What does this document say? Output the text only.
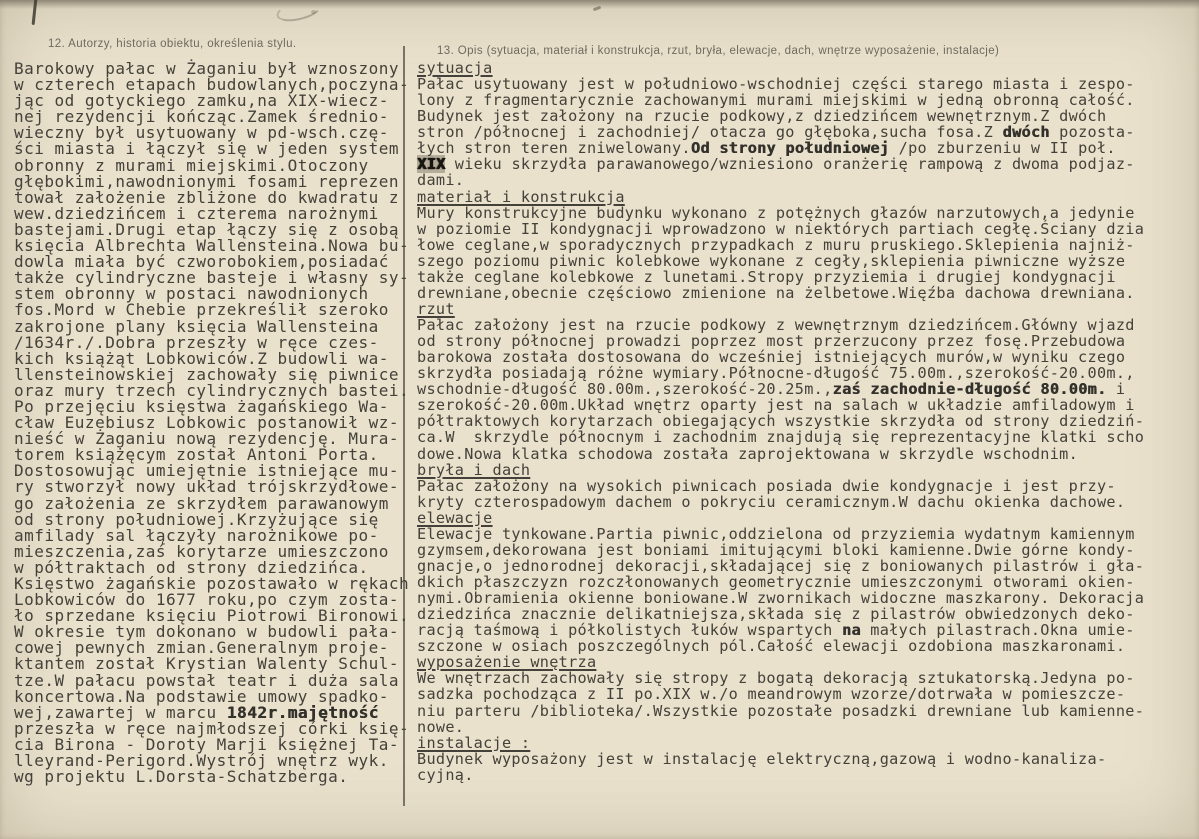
12. Autorzy, historia obiektu, określenia stylu.
13. Opis (sytuacja, materiał i konstrukcja, rzut, bryła, elewacje, dach, wnętrze wyposażenie, instalacje)
Barokowy pałac w Żaganiu był wznoszony
w czterech etapach budowlanych,poczyna-
jąc od gotyckiego zamku,na XIX-wiecz-
nej rezydencji kończąc.Zamek średnio-
wieczny był usytuowany w pd-wsch.czę-
ści miasta i łączył się w jeden system
obronny z murami miejskimi.Otoczony
głębokimi,nawodnionymi fosami reprezen
tował założenie zbliżone do kwadratu z
wew.dziedzińcem i czterema narożnymi
bastejami.Drugi etap łączy się z osobą
księcia Albrechta Wallensteina.Nowa bu-
dowla miała być czworobokiem,posiadać
także cylindryczne basteje i własny sy-
stem obronny w postaci nawodnionych
fos.Mord w Chebie przekreślił szeroko
zakrojone plany księcia Wallensteina
/1634r./.Dobra przeszły w ręce czes-
kich książąt Lobkowiców.Z budowli wa-
llensteinowskiej zachowały się piwnice
oraz mury trzech cylindrycznych bastei.
Po przejęciu księstwa żagańskiego Wa-
cław Euzebiusz Lobkowic postanowił wz-
nieść w Żaganiu nową rezydencję. Mura-
torem książęcym został Antoni Porta.
Dostosowując umiejętnie istniejące mu-
ry stworzył nowy układ trójskrzydłowe-
go założenia ze skrzydłem parawanowym
od strony południowej.Krzyżujące się
amfilady sal łączyły narożnikowe po-
mieszczenia,zaś korytarze umieszczono
w półtraktach od strony dziedzińca.
Księstwo żagańskie pozostawało w rękach
Lobkowiców do 1677 roku,po czym zosta-
ło sprzedane księciu Piotrowi Bironowi.
W okresie tym dokonano w budowli pała-
cowej pewnych zmian.Generalnym proje-
ktantem został Krystian Walenty Schul-
tze.W pałacu powstał teatr i duża sala
koncertowa.Na podstawie umowy spadko-
wej,zawartej w marcu 1842r.majętność
przeszła w ręce najmłodszej córki księ-
cia Birona - Doroty Marji księżnej Ta-
lleyrand-Perigord.Wystrój wnętrz wyk.
wg projektu L.Dorsta-Schatzberga.
sytuacja
Pałac usytuowany jest w południowo-wschodniej części starego miasta i zespo-
lony z fragmentarycznie zachowanymi murami miejskimi w jedną obronną całość.
Budynek jest założony na rzucie podkowy,z dziedzińcem wewnętrznym.Z dwóch
stron /północnej i zachodniej/ otacza go głęboka,sucha fosa.Z dwóch pozosta-
łych stron teren zniwelowany.Od strony południowej /po zburzeniu w II poł.
XIX wieku skrzydła parawanowego/wzniesiono oranżerię rampową z dwoma podjaz-
dami.
materiał i konstrukcja
Mury konstrukcyjne budynku wykonano z potężnych głazów narzutowych,a jedynie
w poziomie II kondygnacji wprowadzono w niektórych partiach cegłę.Ściany dzia
łowe ceglane,w sporadycznych przypadkach z muru pruskiego.Sklepienia najniż-
szego poziomu piwnic kolebkowe wykonane z cegły,sklepienia piwniczne wyższe
także ceglane kolebkowe z lunetami.Stropy przyziemia i drugiej kondygnacji
drewniane,obecnie częściowo zmienione na żelbetowe.Więźba dachowa drewniana.
rzut
Pałac założony jest na rzucie podkowy z wewnętrznym dziedzińcem.Główny wjazd
od strony północnej prowadzi poprzez most przerzucony przez fosę.Przebudowa
barokowa została dostosowana do wcześniej istniejących murów,w wyniku czego
skrzydła posiadają różne wymiary.Północne-długość 75.00m.,szerokość-20.00m.,
wschodnie-długość 80.00m.,szerokość-20.25m.,zaś zachodnie-długość 80.00m. i
szerokość-20.00m.Układ wnętrz oparty jest na salach w układzie amfiladowym i
półtraktowych korytarzach obiegających wszystkie skrzydła od strony dziedziń-
ca.W  skrzydle północnym i zachodnim znajdują się reprezentacyjne klatki scho
dowe.Nowa klatka schodowa została zaprojektowana w skrzydle wschodnim.
bryła i dach
Pałac założony na wysokich piwnicach posiada dwie kondygnacje i jest przy-
kryty czterospadowym dachem o pokryciu ceramicznym.W dachu okienka dachowe.
elewacje
Elewacje tynkowane.Partia piwnic,oddzielona od przyziemia wydatnym kamiennym
gzymsem,dekorowana jest boniami imitującymi bloki kamienne.Dwie górne kondy-
gnacje,o jednorodnej dekoracji,składającej się z boniowanych pilastrów i gła-
dkich płaszczyzn rozczłonowanych geometrycznie umieszczonymi otworami okien-
nymi.Obramienia okienne boniowane.W zwornikach widoczne maszkarony. Dekoracja
dziedzińca znacznie delikatniejsza,składa się z pilastrów obwiedzonych deko-
racją taśmową i półkolistych łuków wspartych na małych pilastrach.Okna umie-
szczone w osiach poszczególnych pól.Całość elewacji ozdobiona maszkaronami.
wyposażenie wnętrza
We wnętrzach zachowały się stropy z bogatą dekoracją sztukatorską.Jedyna po-
sadzka pochodząca z II po.XIX w./o meandrowym wzorze/dotrwała w pomieszcze-
niu parteru /biblioteka/.Wszystkie pozostałe posadzki drewniane lub kamienne-
nowe.
instalacje :
Budynek wyposażony jest w instalację elektryczną,gazową i wodno-kanaliza-
cyjną.
